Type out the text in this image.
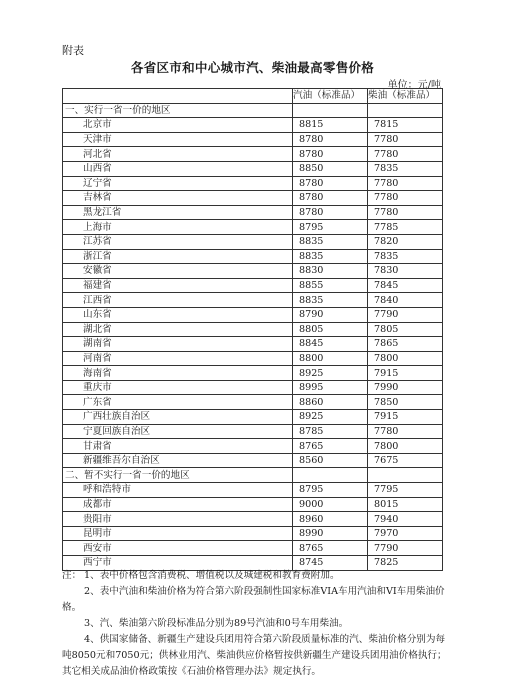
附表
各省区市和中心城市汽、柴油最高零售价格
单位：元/吨
	汽油（标准品）	柴油（标准品）
一、实行一省一价的地区		
北京市	8815	7815
天津市	8780	7780
河北省	8780	7780
山西省	8850	7835
辽宁省	8780	7780
吉林省	8780	7780
黑龙江省	8780	7780
上海市	8795	7785
江苏省	8835	7820
浙江省	8835	7835
安徽省	8830	7830
福建省	8855	7845
江西省	8835	7840
山东省	8790	7790
湖北省	8805	7805
湖南省	8845	7865
河南省	8800	7800
海南省	8925	7915
重庆市	8995	7990
广东省	8860	7850
广西壮族自治区	8925	7915
宁夏回族自治区	8785	7780
甘肃省	8765	7800
新疆维吾尔自治区	8560	7675
二、暂不实行一省一价的地区		
呼和浩特市	8795	7795
成都市	9000	8015
贵阳市	8960	7940
昆明市	8990	7970
西安市	8765	7790
西宁市	8745	7825
注： 1、表中价格包含消费税、增值税以及城建税和教育费附加。

2、表中汽油和柴油价格为符合第六阶段强制性国家标准VIA车用汽油和VI车用柴油价格。

3、汽、柴油第六阶段标准品分别为89号汽油和0号车用柴油。

4、供国家储备、新疆生产建设兵团用符合第六阶段质量标准的汽、柴油价格分别为每吨8050元和7050元；供林业用汽、柴油供应价格暂按供新疆生产建设兵团用油价格执行；其它相关成品油价格政策按《石油价格管理办法》规定执行。
